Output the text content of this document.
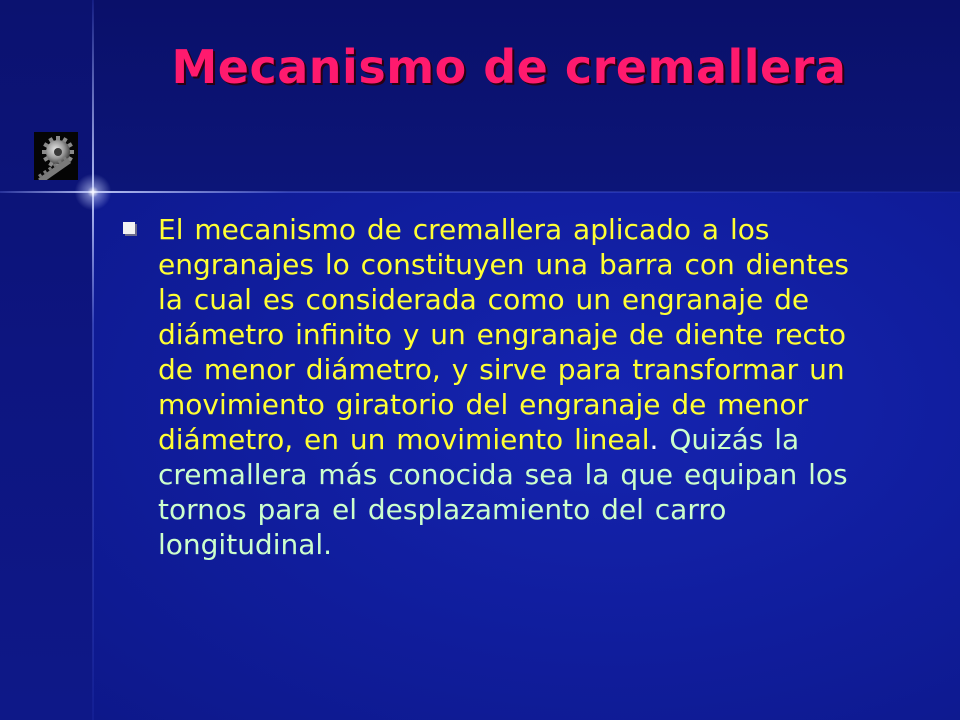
Mecanismo de cremallera

El mecanismo de cremallera aplicado a los engranajes lo constituyen una barra con dientes la cual es considerada como un engranaje de diámetro infinito y un engranaje de diente recto de menor diámetro, y sirve para transformar un movimiento giratorio del engranaje de menor diámetro, en un movimiento lineal. Quizás la cremallera más conocida sea la que equipan los tornos para el desplazamiento del carro longitudinal.
